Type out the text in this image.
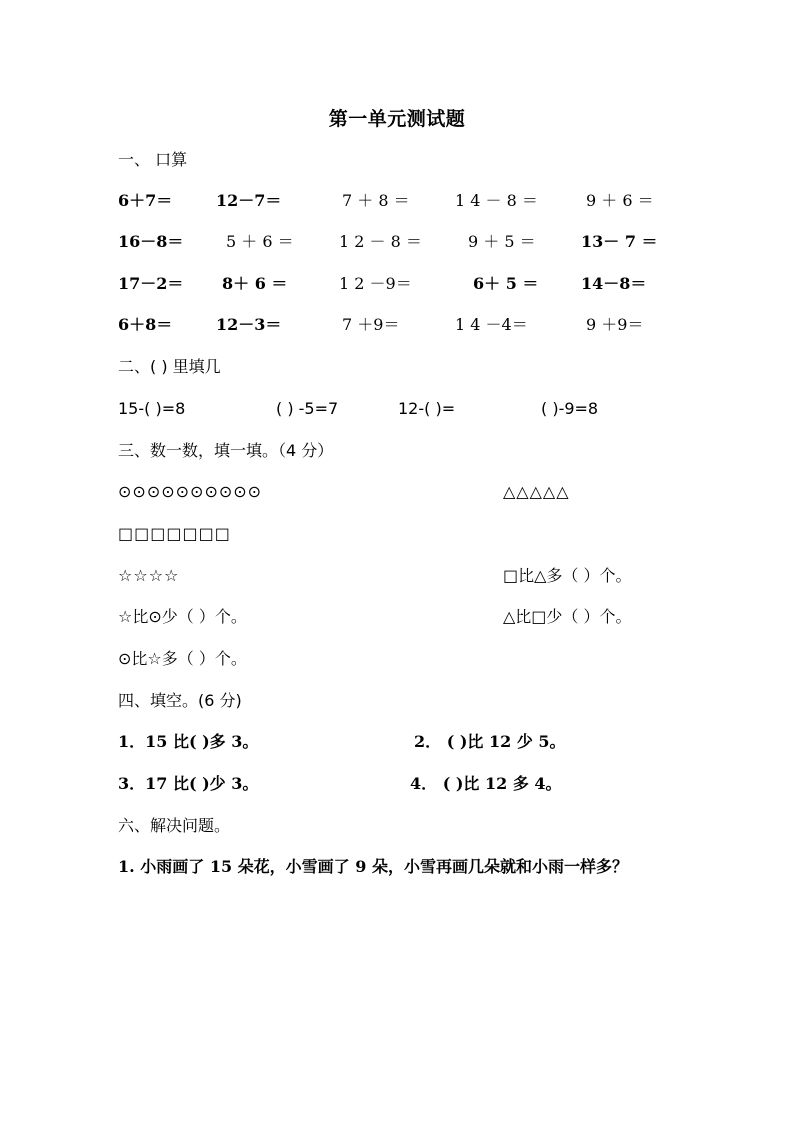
第一单元测试题
一、 口算
6＋7＝	12－7＝	7 ＋ 8 ＝	1 4 － 8 ＝	9 ＋ 6 ＝
16－8＝	5 ＋ 6 ＝	1 2 － 8 ＝	9 ＋ 5 ＝	13－ 7 ＝
17－2＝ 8＋ 6 ＝	1 2 －9＝	6＋ 5 ＝	14－8＝
6＋8＝	12－3＝	7 ＋9＝	1 4 －4＝	9 ＋9＝
二、( ) 里填几
15-( )=8	( ) -5=7	12-( )=	( )-9=8
三、数一数，填一填。（4 分）
⊙⊙⊙⊙⊙⊙⊙⊙⊙⊙	△△△△△
□□□□□□□
☆☆☆☆	□比△多（ ）个。
☆比⊙少（ ）个。	△比□少（ ）个。
⊙比☆多（ ）个。
四、填空。(6 分)
1．15 比( )多 3。	2． ( )比 12 少 5。
3．17 比( )少 3。	4． ( )比 12 多 4。
六、解决问题。
1. 小雨画了 15 朵花，小雪画了 9 朵，小雪再画几朵就和小雨一样多？
